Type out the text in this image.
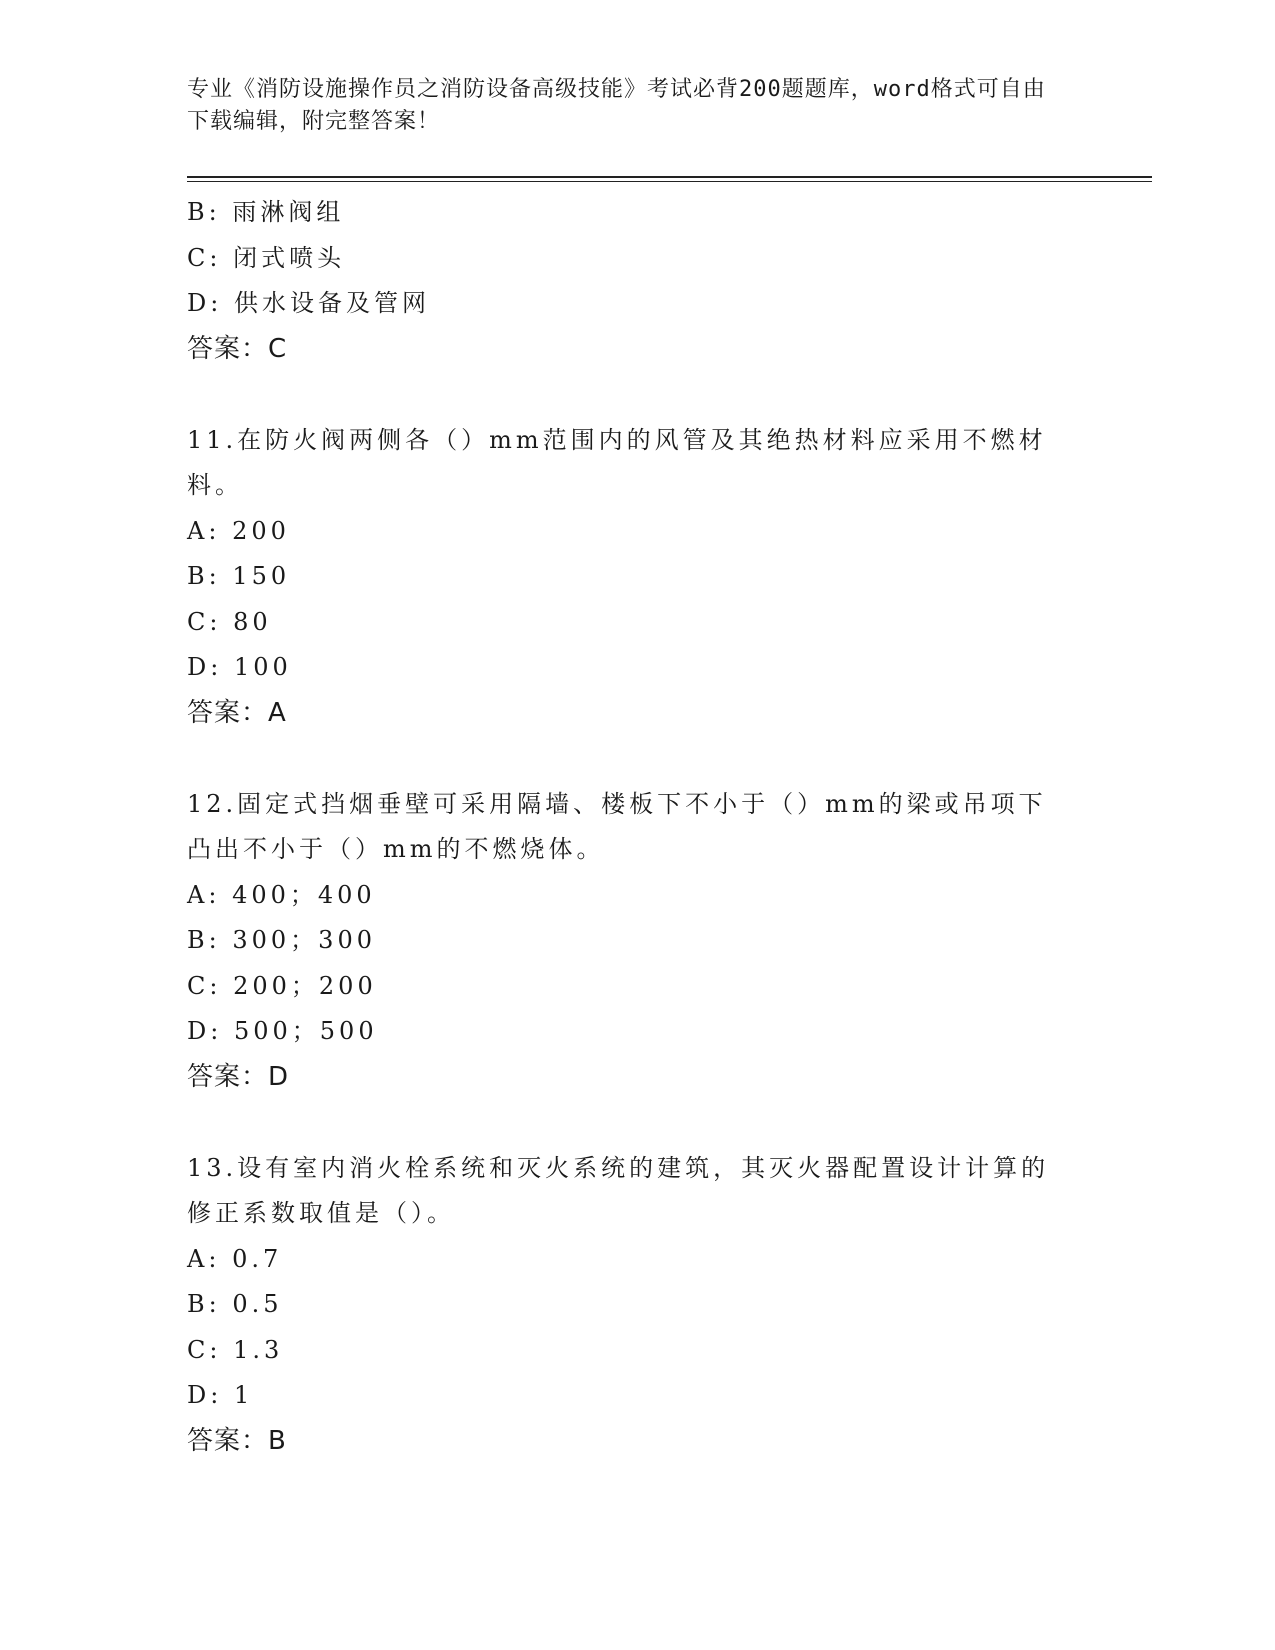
专业《消防设施操作员之消防设备高级技能》考试必背200题题库，word格式可自由下载编辑，附完整答案！
B: 雨淋阀组
C: 闭式喷头
D: 供水设备及管网
答案：C
11.在防火阀两侧各（）mm范围内的风管及其绝热材料应采用不燃材料。
A: 200
B: 150
C: 80
D: 100
答案：A
12.固定式挡烟垂壁可采用隔墙、楼板下不小于（）mm的梁或吊项下凸出不小于（）mm的不燃烧体。
A: 400；400
B: 300；300
C: 200；200
D: 500；500
答案：D
13.设有室内消火栓系统和灭火系统的建筑，其灭火器配置设计计算的修正系数取值是（）。
A: 0.7
B: 0.5
C: 1.3
D: 1
答案：B
